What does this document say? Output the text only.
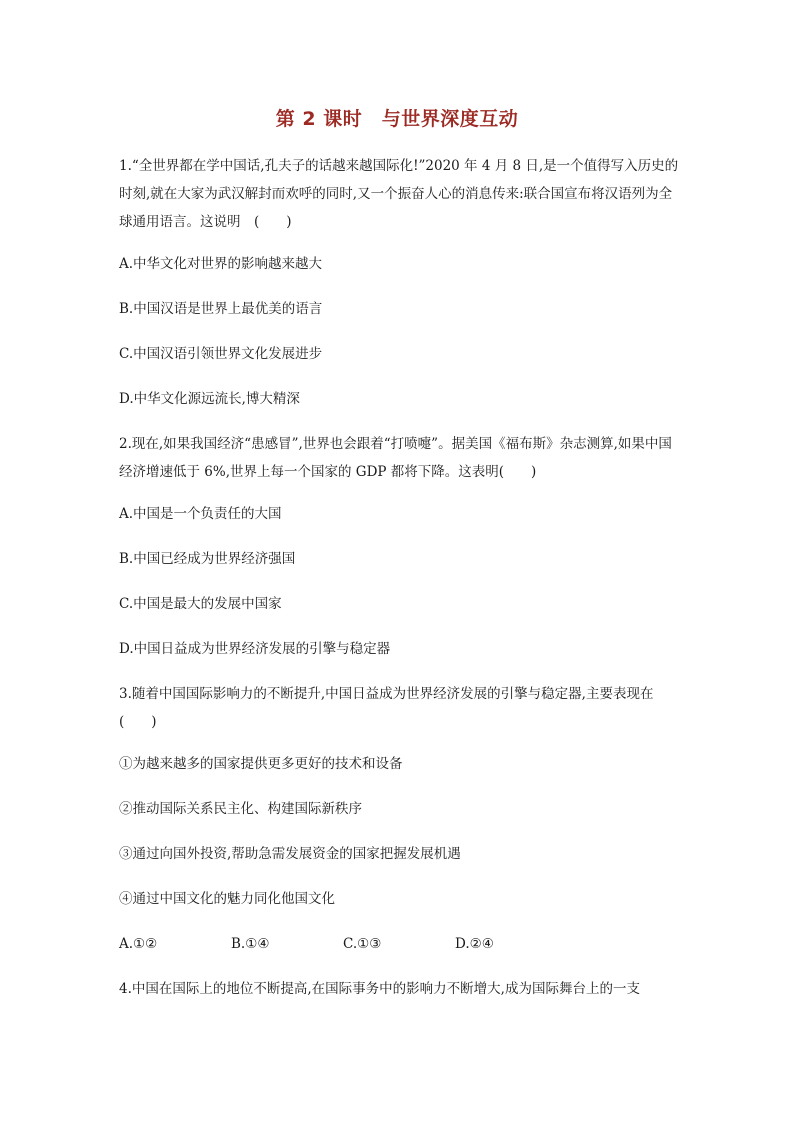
第 2 课时　与世界深度互动

1.“全世界都在学中国话,孔夫子的话越来越国际化!”2020 年 4 月 8 日,是一个值得写入历史的时刻,就在大家为武汉解封而欢呼的同时,又一个振奋人心的消息传来:联合国宣布将汉语列为全球通用语言。这说明　(　　)

A.中华文化对世界的影响越来越大

B.中国汉语是世界上最优美的语言

C.中国汉语引领世界文化发展进步

D.中华文化源远流长,博大精深

2.现在,如果我国经济“患感冒”,世界也会跟着“打喷嚏”。据美国《福布斯》杂志测算,如果中国经济增速低于 6%,世界上每一个国家的 GDP 都将下降。这表明(　　)

A.中国是一个负责任的大国

B.中国已经成为世界经济强国

C.中国是最大的发展中国家

D.中国日益成为世界经济发展的引擎与稳定器

3.随着中国国际影响力的不断提升,中国日益成为世界经济发展的引擎与稳定器,主要表现在　(　　)

①为越来越多的国家提供更多更好的技术和设备

②推动国际关系民主化、构建国际新秩序

③通过向国外投资,帮助急需发展资金的国家把握发展机遇

④通过中国文化的魅力同化他国文化

A.①②	B.①④	C.①③	D.②④

4.中国在国际上的地位不断提高,在国际事务中的影响力不断增大,成为国际舞台上的一支
